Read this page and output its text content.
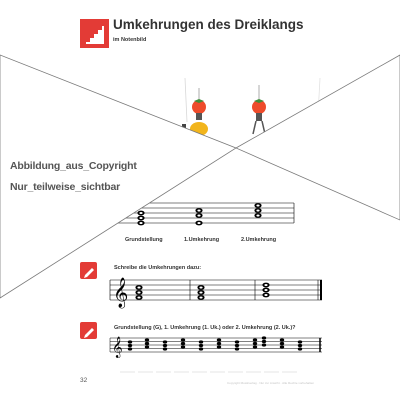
Umkehrungen des Dreiklangs
im Notenbild
𝄞
𝄞
Grundstellung	1.Umkehrung	2.Umkehrung
Schreibe die Umkehrungen dazu:
Grundstellung (G), 1. Umkehrung (1. Uk.) oder 2. Umkehrung (2. Uk.)?
Abbildung_aus_Copyright
Nur_teilweise_sichtbar
32	Copyright Musikverlag · Nur zur Ansicht · Alle Rechte vorbehalten
